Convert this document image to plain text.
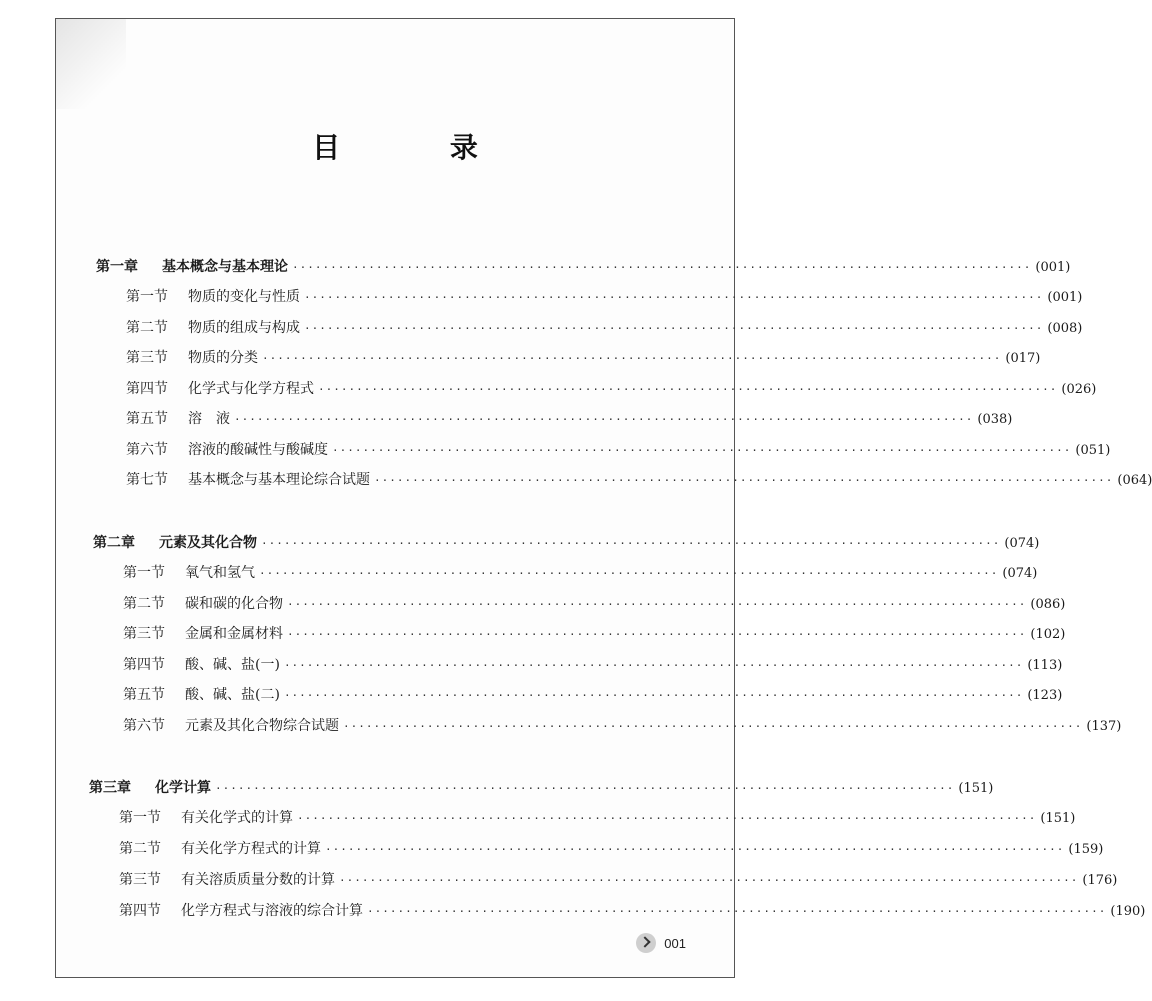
目 录
第一章	基本概念与基本理论 ································································································· (001)
第一节	物质的变化与性质 ································································································· (001)
第二节	物质的组成与构成 ································································································· (008)
第三节	物质的分类 ································································································· (017)
第四节	化学式与化学方程式 ································································································· (026)
第五节	溶　液 ································································································· (038)
第六节	溶液的酸碱性与酸碱度 ································································································· (051)
第七节	基本概念与基本理论综合试题 ································································································· (064)
第二章	元素及其化合物 ································································································· (074)
第一节	氧气和氢气 ································································································· (074)
第二节	碳和碳的化合物 ································································································· (086)
第三节	金属和金属材料 ································································································· (102)
第四节	酸、碱、盐(一) ································································································· (113)
第五节	酸、碱、盐(二) ································································································· (123)
第六节	元素及其化合物综合试题 ································································································· (137)
第三章	化学计算 ································································································· (151)
第一节	有关化学式的计算 ································································································· (151)
第二节	有关化学方程式的计算 ································································································· (159)
第三节	有关溶质质量分数的计算 ································································································· (176)
第四节	化学方程式与溶液的综合计算 ································································································· (190)
001
